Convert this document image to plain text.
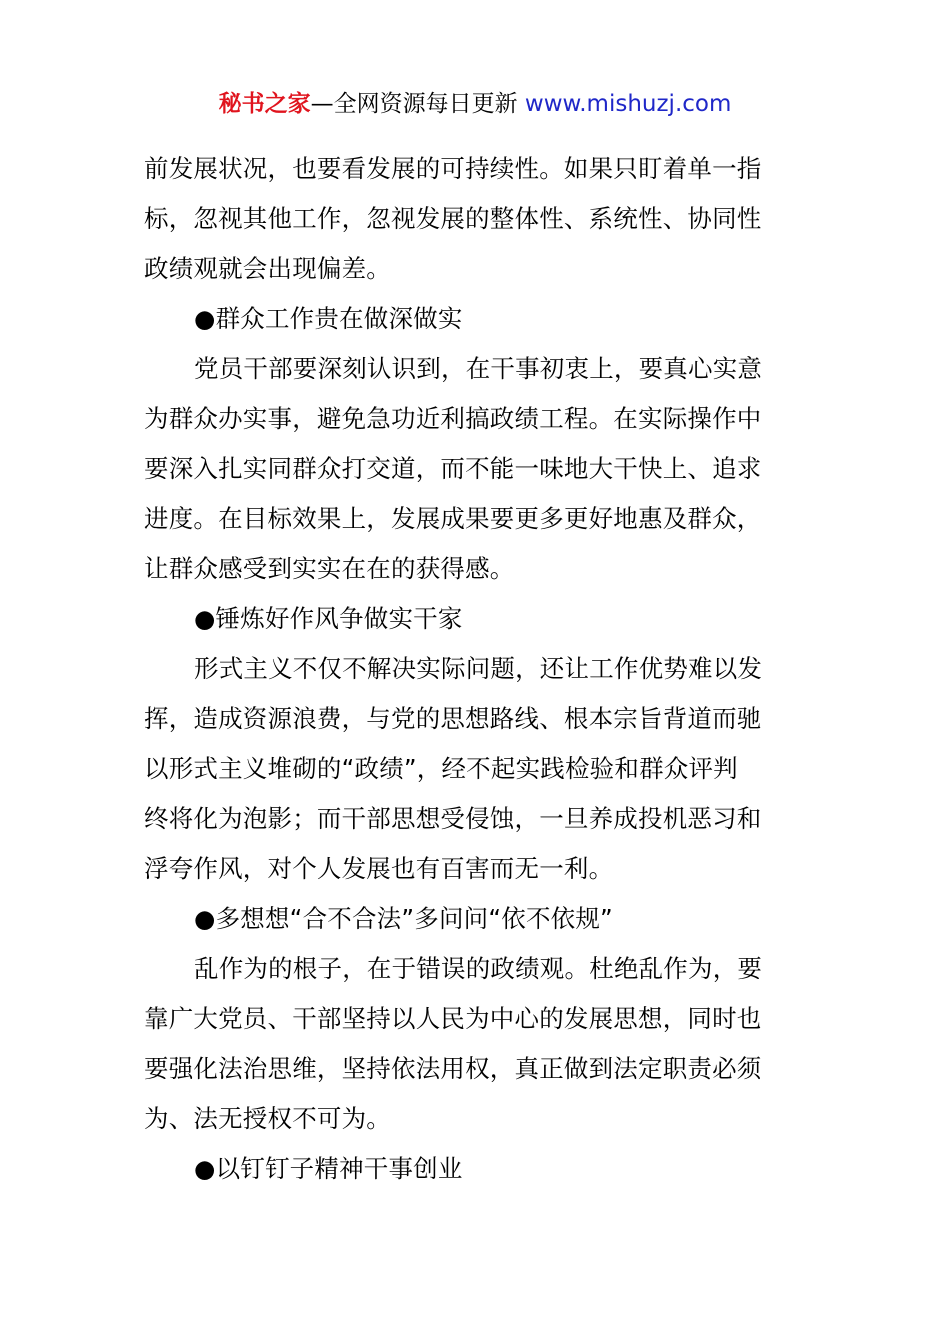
秘书之家—全网资源每日更新 www.mishuzj.com
前发展状况，也要看发展的可持续性。如果只盯着单一指
标，忽视其他工作，忽视发展的整体性、系统性、协同性
政绩观就会出现偏差。
●群众工作贵在做深做实
党员干部要深刻认识到，在干事初衷上，要真心实意
为群众办实事，避免急功近利搞政绩工程。在实际操作中
要深入扎实同群众打交道，而不能一味地大干快上、追求
进度。在目标效果上，发展成果要更多更好地惠及群众，
让群众感受到实实在在的获得感。
●锤炼好作风争做实干家
形式主义不仅不解决实际问题，还让工作优势难以发
挥，造成资源浪费，与党的思想路线、根本宗旨背道而驰
以形式主义堆砌的“政绩”，经不起实践检验和群众评判
终将化为泡影；而干部思想受侵蚀，一旦养成投机恶习和
浮夸作风，对个人发展也有百害而无一利。
●多想想“合不合法”多问问“依不依规”
乱作为的根子，在于错误的政绩观。杜绝乱作为，要
靠广大党员、干部坚持以人民为中心的发展思想，同时也
要强化法治思维，坚持依法用权，真正做到法定职责必须
为、法无授权不可为。
●以钉钉子精神干事创业
